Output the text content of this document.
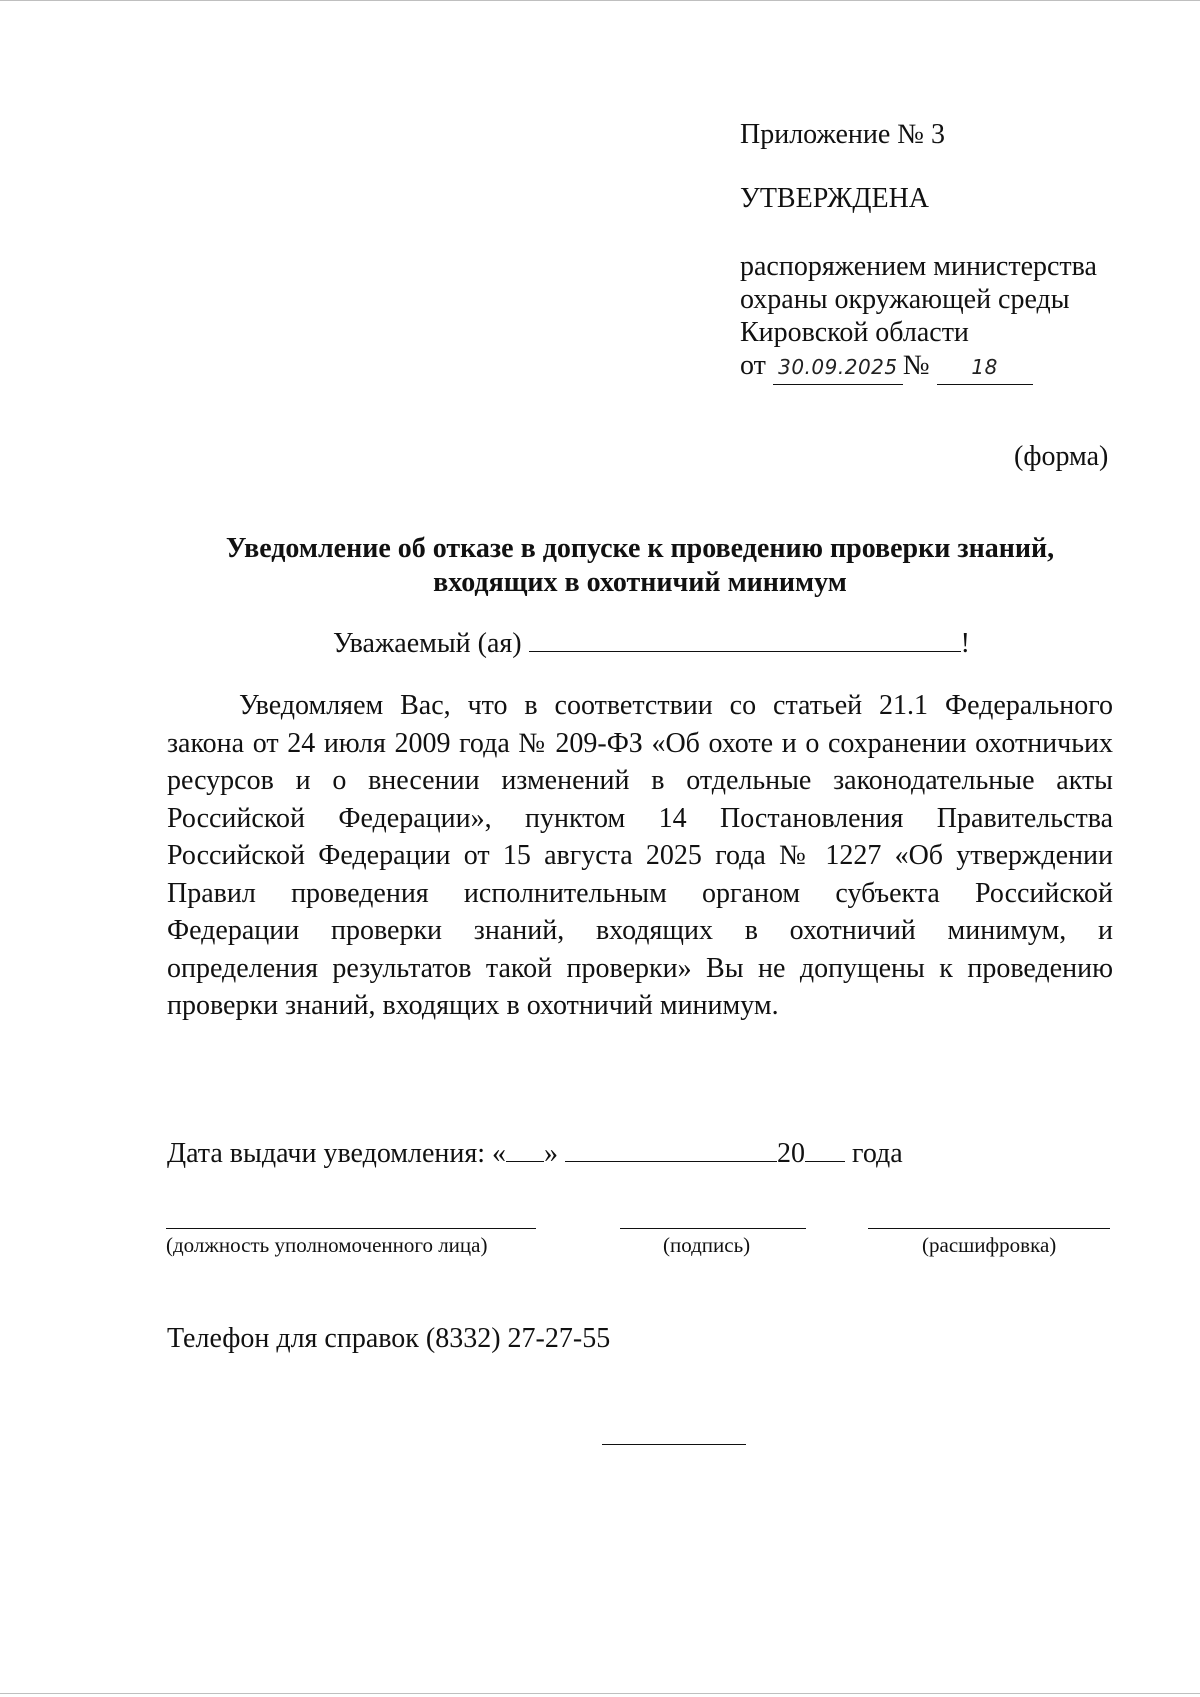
Приложение № 3
УТВЕРЖДЕНА
распоряжением министерства
охраны окружающей среды
Кировской области
от 30.09.2025 № 18
(форма)
Уведомление об отказе в допуске к проведению проверки знаний,
входящих в охотничий минимум
Уважаемый (ая)	!
Уведомляем Вас, что в соответствии со статьей 21.1 Федерального
закона от 24 июля 2009 года № 209-ФЗ «Об охоте и о сохранении охотничьих
ресурсов и о внесении изменений в отдельные законодательные акты
Российской Федерации», пунктом 14 Постановления Правительства
Российской Федерации от 15 августа 2025 года № 1227 «Об утверждении
Правил проведения исполнительным органом субъекта Российской
Федерации проверки знаний, входящих в охотничий минимум, и
определения результатов такой проверки» Вы не допущены к проведению
проверки знаний, входящих в охотничий минимум.
Дата выдачи уведомления: « »	20 года
(должность уполномоченного лица)	(подпись)	(расшифровка)
Телефон для справок (8332) 27-27-55
